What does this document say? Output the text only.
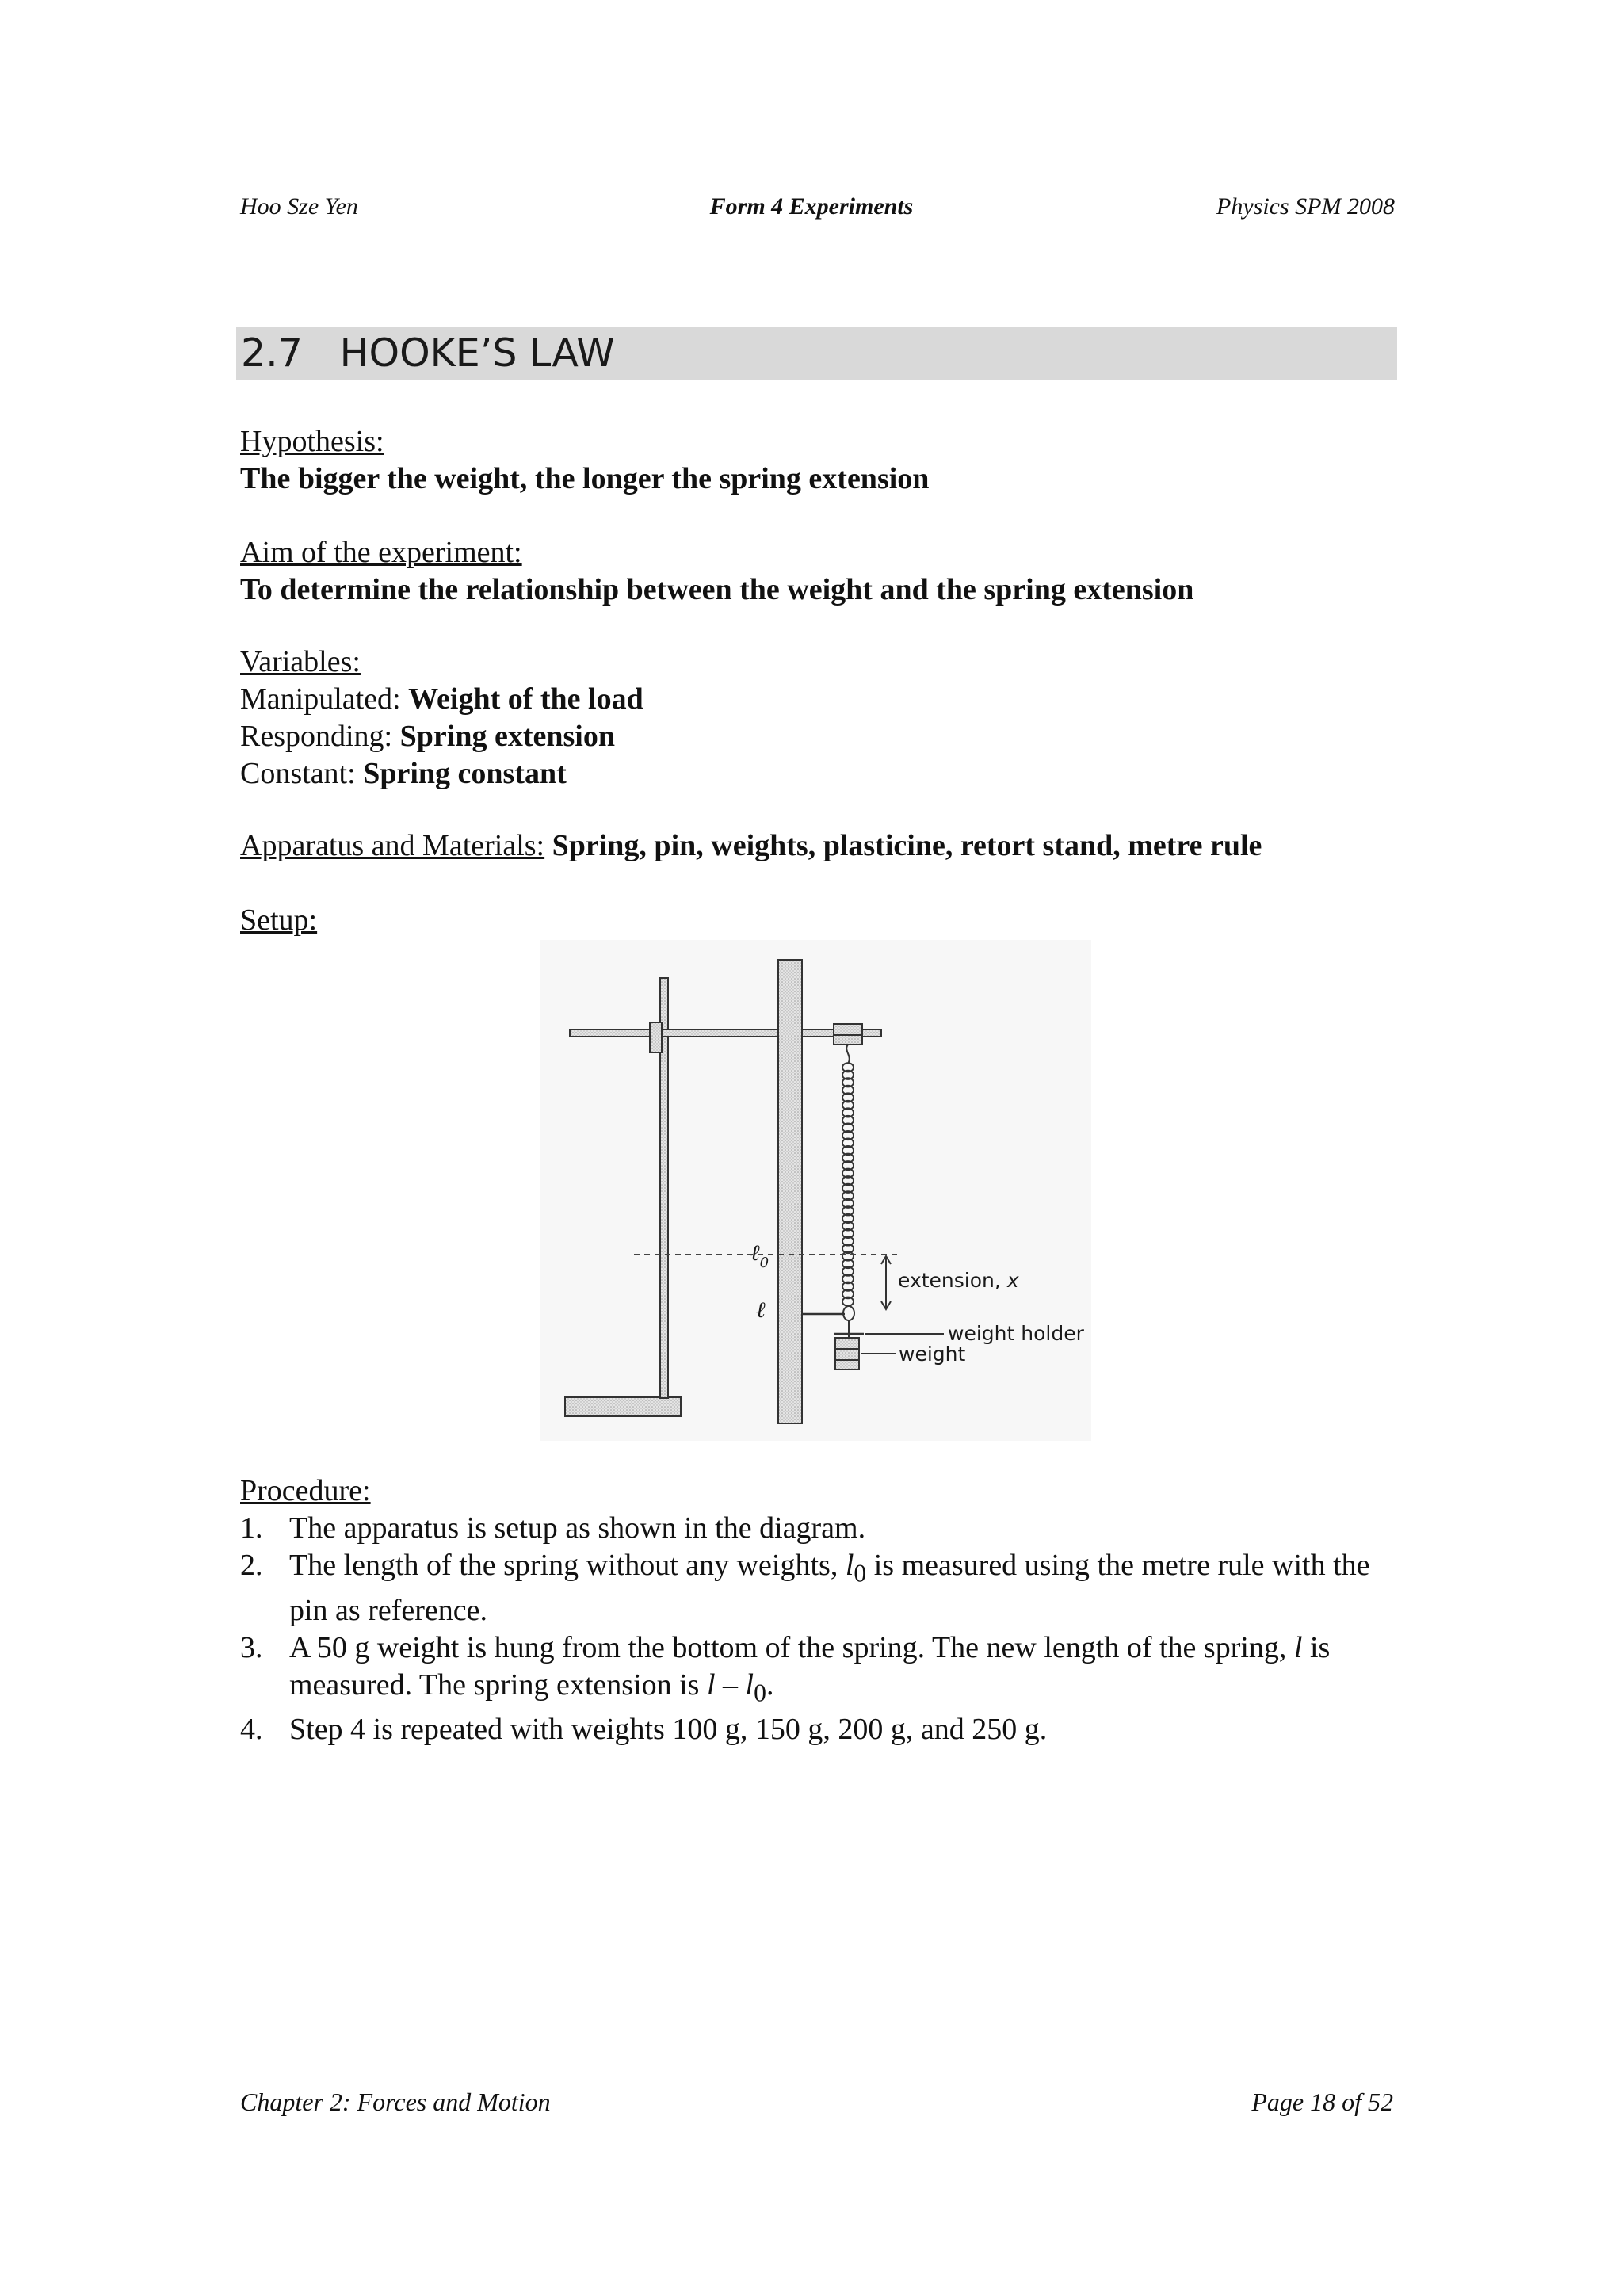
Hoo Sze Yen	Form 4 Experiments	Physics SPM 2008
2.7 HOOKE’S LAW
Hypothesis:
The bigger the weight, the longer the spring extension
Aim of the experiment:
To determine the relationship between the weight and the spring extension
Variables:
Manipulated: Weight of the load
Responding: Spring extension
Constant: Spring constant
Apparatus and Materials: Spring, pin, weights, plasticine, retort stand, metre rule
Setup:
ℓ$_0$
ℓ
extension, x
weight holder
weight
Procedure:
1. The apparatus is setup as shown in the diagram.
2. The length of the spring without any weights, $l_0$ is measured using the metre rule with the pin as reference.
3. A 50 g weight is hung from the bottom of the spring. The new length of the spring, l is measured. The spring extension is l – $l_0$.
4. Step 4 is repeated with weights 100 g, 150 g, 200 g, and 250 g.
Chapter 2: Forces and Motion	Page 18 of 52
